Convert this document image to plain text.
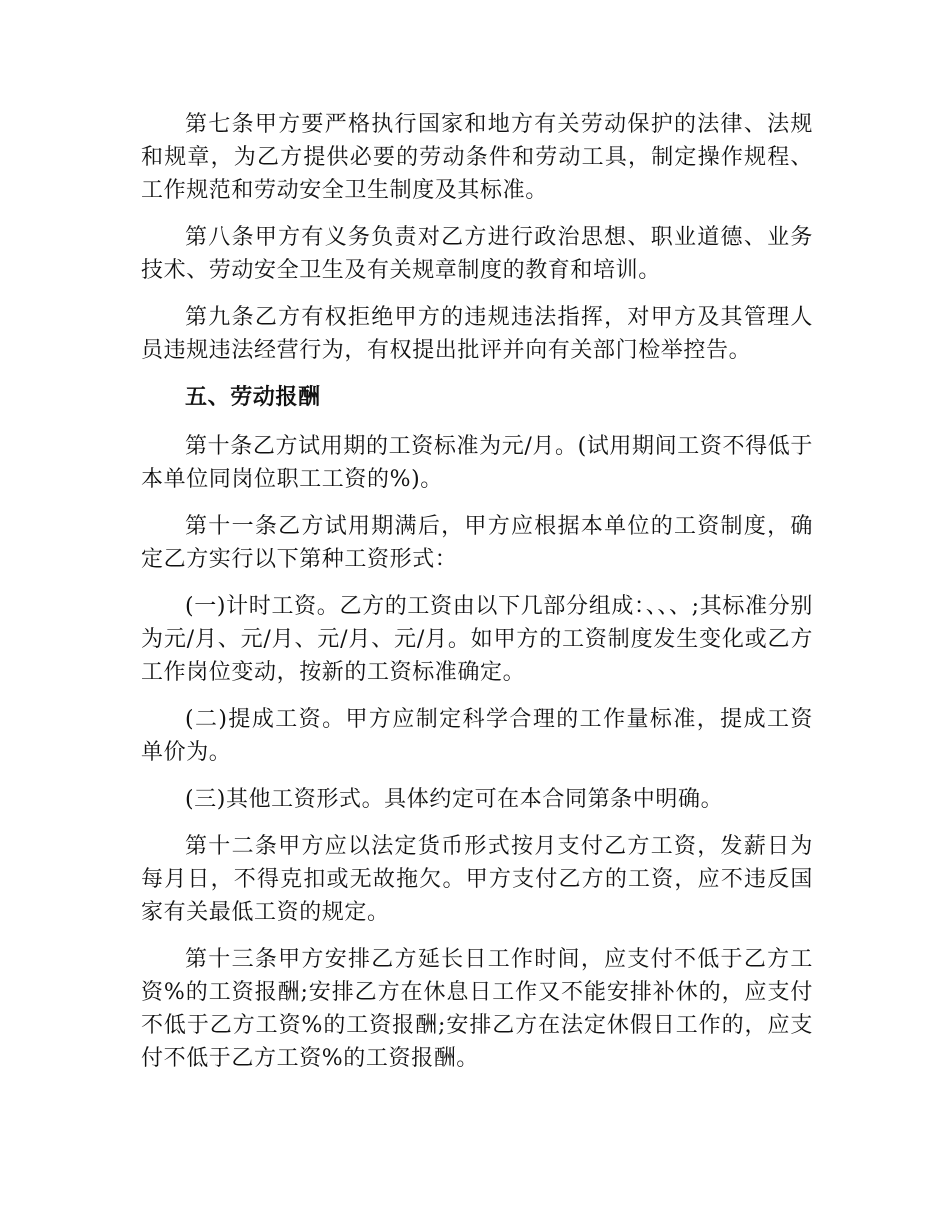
第七条甲方要严格执行国家和地方有关劳动保护的法律、法规和规章，为乙方提供必要的劳动条件和劳动工具，制定操作规程、工作规范和劳动安全卫生制度及其标准。

第八条甲方有义务负责对乙方进行政治思想、职业道德、业务技术、劳动安全卫生及有关规章制度的教育和培训。

第九条乙方有权拒绝甲方的违规违法指挥，对甲方及其管理人员违规违法经营行为，有权提出批评并向有关部门检举控告。

五、劳动报酬

第十条乙方试用期的工资标准为元/月。(试用期间工资不得低于本单位同岗位职工工资的%)。

第十一条乙方试用期满后，甲方应根据本单位的工资制度，确定乙方实行以下第种工资形式：

(一)计时工资。乙方的工资由以下几部分组成：、、、;其标准分别为元/月、元/月、元/月、元/月。如甲方的工资制度发生变化或乙方工作岗位变动，按新的工资标准确定。

(二)提成工资。甲方应制定科学合理的工作量标准，提成工资单价为。

(三)其他工资形式。具体约定可在本合同第条中明确。

第十二条甲方应以法定货币形式按月支付乙方工资，发薪日为每月日，不得克扣或无故拖欠。甲方支付乙方的工资，应不违反国家有关最低工资的规定。

第十三条甲方安排乙方延长日工作时间，应支付不低于乙方工资%的工资报酬;安排乙方在休息日工作又不能安排补休的，应支付不低于乙方工资%的工资报酬;安排乙方在法定休假日工作的，应支付不低于乙方工资%的工资报酬。
